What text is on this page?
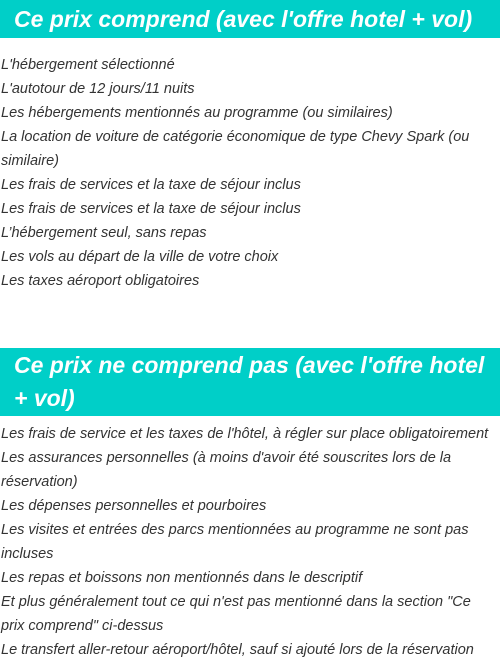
Ce prix comprend (avec l'offre hotel + vol)
L'hébergement sélectionné
L'autotour de 12 jours/11 nuits
Les hébergements mentionnés au programme (ou similaires)
La location de voiture de catégorie économique de type Chevy Spark (ou similaire)
Les frais de services et la taxe de séjour inclus
Les frais de services et la taxe de séjour inclus
L’hébergement seul, sans repas
Les vols au départ de la ville de votre choix
Les taxes aéroport obligatoires
Ce prix ne comprend pas (avec l'offre hotel + vol)
Les frais de service et les taxes de l'hôtel, à régler sur place obligatoirement
Les assurances personnelles (à moins d'avoir été souscrites lors de la réservation)
Les dépenses personnelles et pourboires
Les visites et entrées des parcs mentionnées au programme ne sont pas incluses
Les repas et boissons non mentionnés dans le descriptif
Et plus généralement tout ce qui n'est pas mentionné dans la section "Ce prix comprend" ci-dessus
Le transfert aller-retour aéroport/hôtel, sauf si ajouté lors de la réservation
